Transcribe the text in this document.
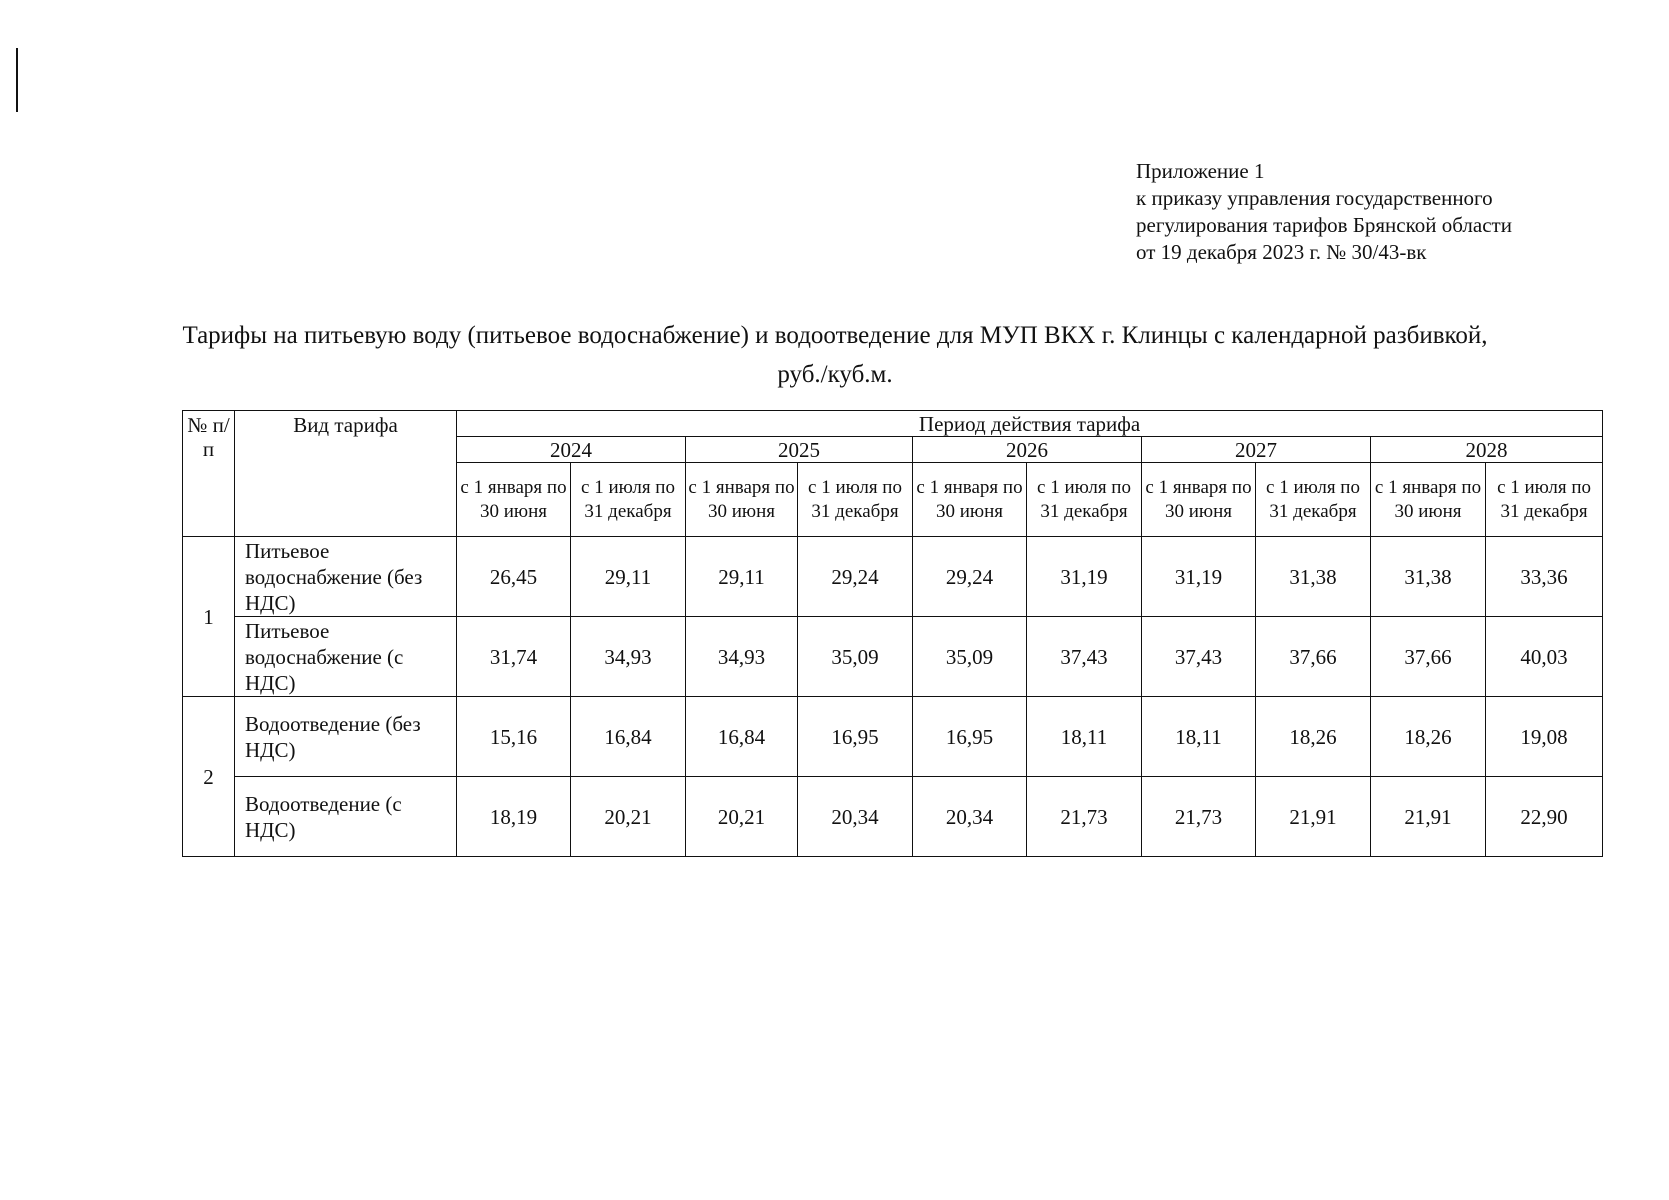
Приложение 1
к приказу управления государственного
регулирования тарифов Брянской области
от 19 декабря 2023 г. № 30/43-вк
Тарифы на питьевую воду (питьевое водоснабжение) и водоотведение для МУП ВКХ г. Клинцы с календарной разбивкой,
руб./куб.м.
№ п/п	Вид тарифа	Период действия тарифа									
		2024		2025		2026		2027		2028	
		с 1 января по 30 июня	с 1 июля по 31 декабря	с 1 января по 30 июня	с 1 июля по 31 декабря	с 1 января по 30 июня	с 1 июля по 31 декабря	с 1 января по 30 июня	с 1 июля по 31 декабря	с 1 января по 30 июня	с 1 июля по 31 декабря
1	Питьевое водоснабжение (без НДС)	26,45	29,11	29,11	29,24	29,24	31,19	31,19	31,38	31,38	33,36
	Питьевое водоснабжение (с НДС)	31,74	34,93	34,93	35,09	35,09	37,43	37,43	37,66	37,66	40,03
2	Водоотведение (без НДС)	15,16	16,84	16,84	16,95	16,95	18,11	18,11	18,26	18,26	19,08
	Водоотведение (с НДС)	18,19	20,21	20,21	20,34	20,34	21,73	21,73	21,91	21,91	22,90
